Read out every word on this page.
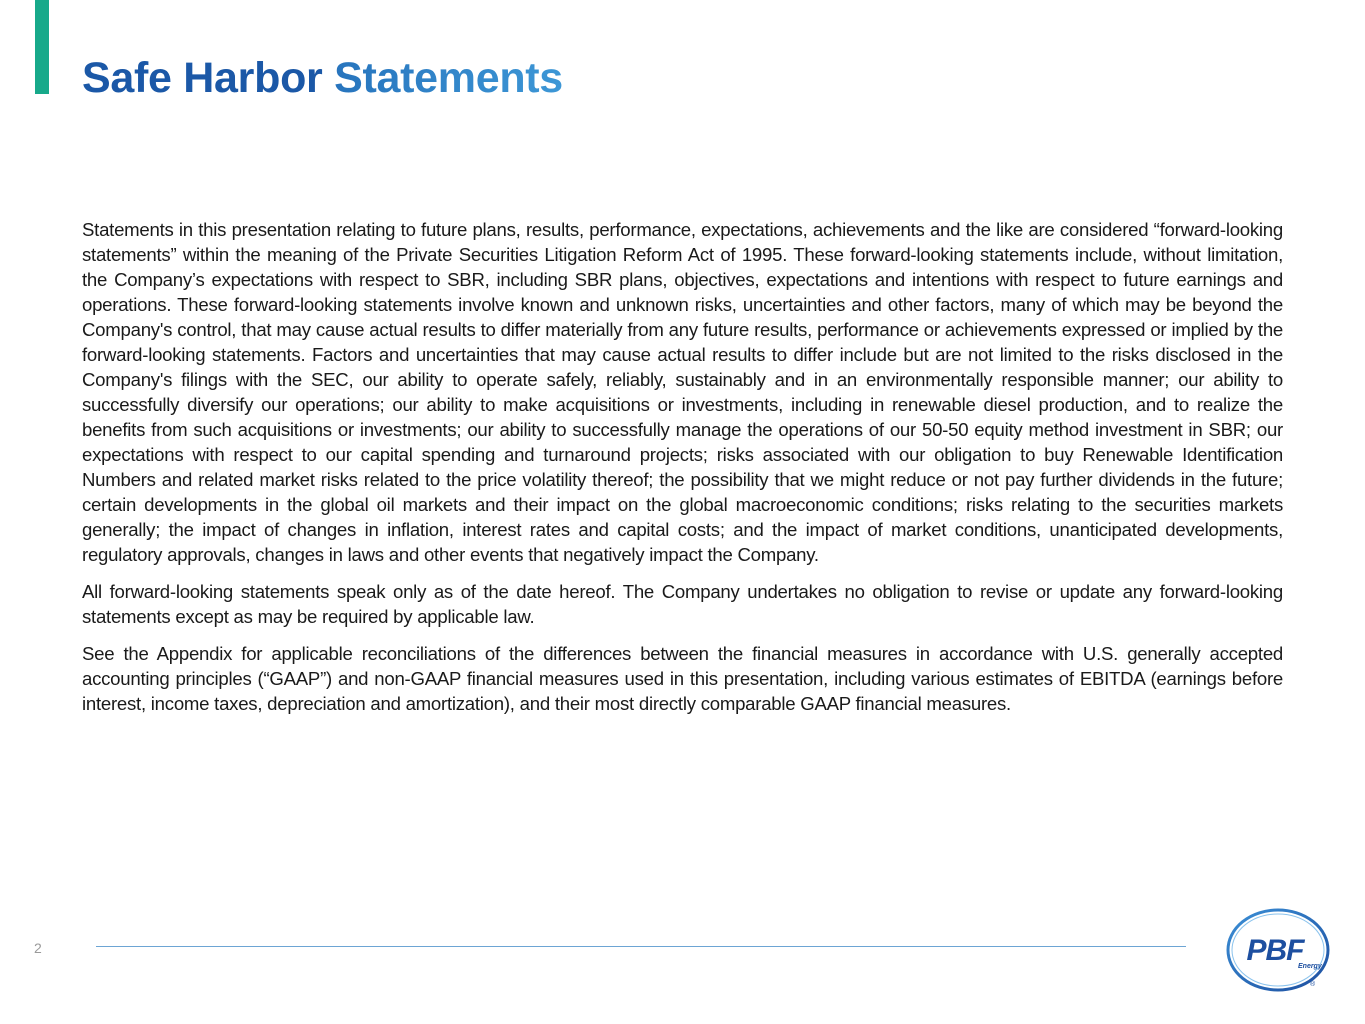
Safe Harbor Statements

Statements in this presentation relating to future plans, results, performance, expectations, achievements and the like are considered “forward-looking statements” within the meaning of the Private Securities Litigation Reform Act of 1995. These forward-looking statements include, without limitation, the Company’s expectations with respect to SBR, including SBR plans, objectives, expectations and intentions with respect to future earnings and operations. These forward-looking statements involve known and unknown risks, uncertainties and other factors, many of which may be beyond the Company's control, that may cause actual results to differ materially from any future results, performance or achievements expressed or implied by the forward-looking statements. Factors and uncertainties that may cause actual results to differ include but are not limited to the risks disclosed in the Company's filings with the SEC, our ability to operate safely, reliably, sustainably and in an environmentally responsible manner; our ability to successfully diversify our operations; our ability to make acquisitions or investments, including in renewable diesel production, and to realize the benefits from such acquisitions or investments; our ability to successfully manage the operations of our 50-50 equity method investment in SBR; our expectations with respect to our capital spending and turnaround projects; risks associated with our obligation to buy Renewable Identification Numbers and related market risks related to the price volatility thereof; the possibility that we might reduce or not pay further dividends in the future; certain developments in the global oil markets and their impact on the global macroeconomic conditions; risks relating to the securities markets generally; the impact of changes in inflation, interest rates and capital costs; and the impact of market conditions, unanticipated developments, regulatory approvals, changes in laws and other events that negatively impact the Company.

All forward-looking statements speak only as of the date hereof. The Company undertakes no obligation to revise or update any forward-looking statements except as may be required by applicable law.

See the Appendix for applicable reconciliations of the differences between the financial measures in accordance with U.S. generally accepted accounting principles (“GAAP”) and non-GAAP financial measures used in this presentation, including various estimates of EBITDA (earnings before interest, income taxes, depreciation and amortization), and their most directly comparable GAAP financial measures.

2	PBF
Energy
®
